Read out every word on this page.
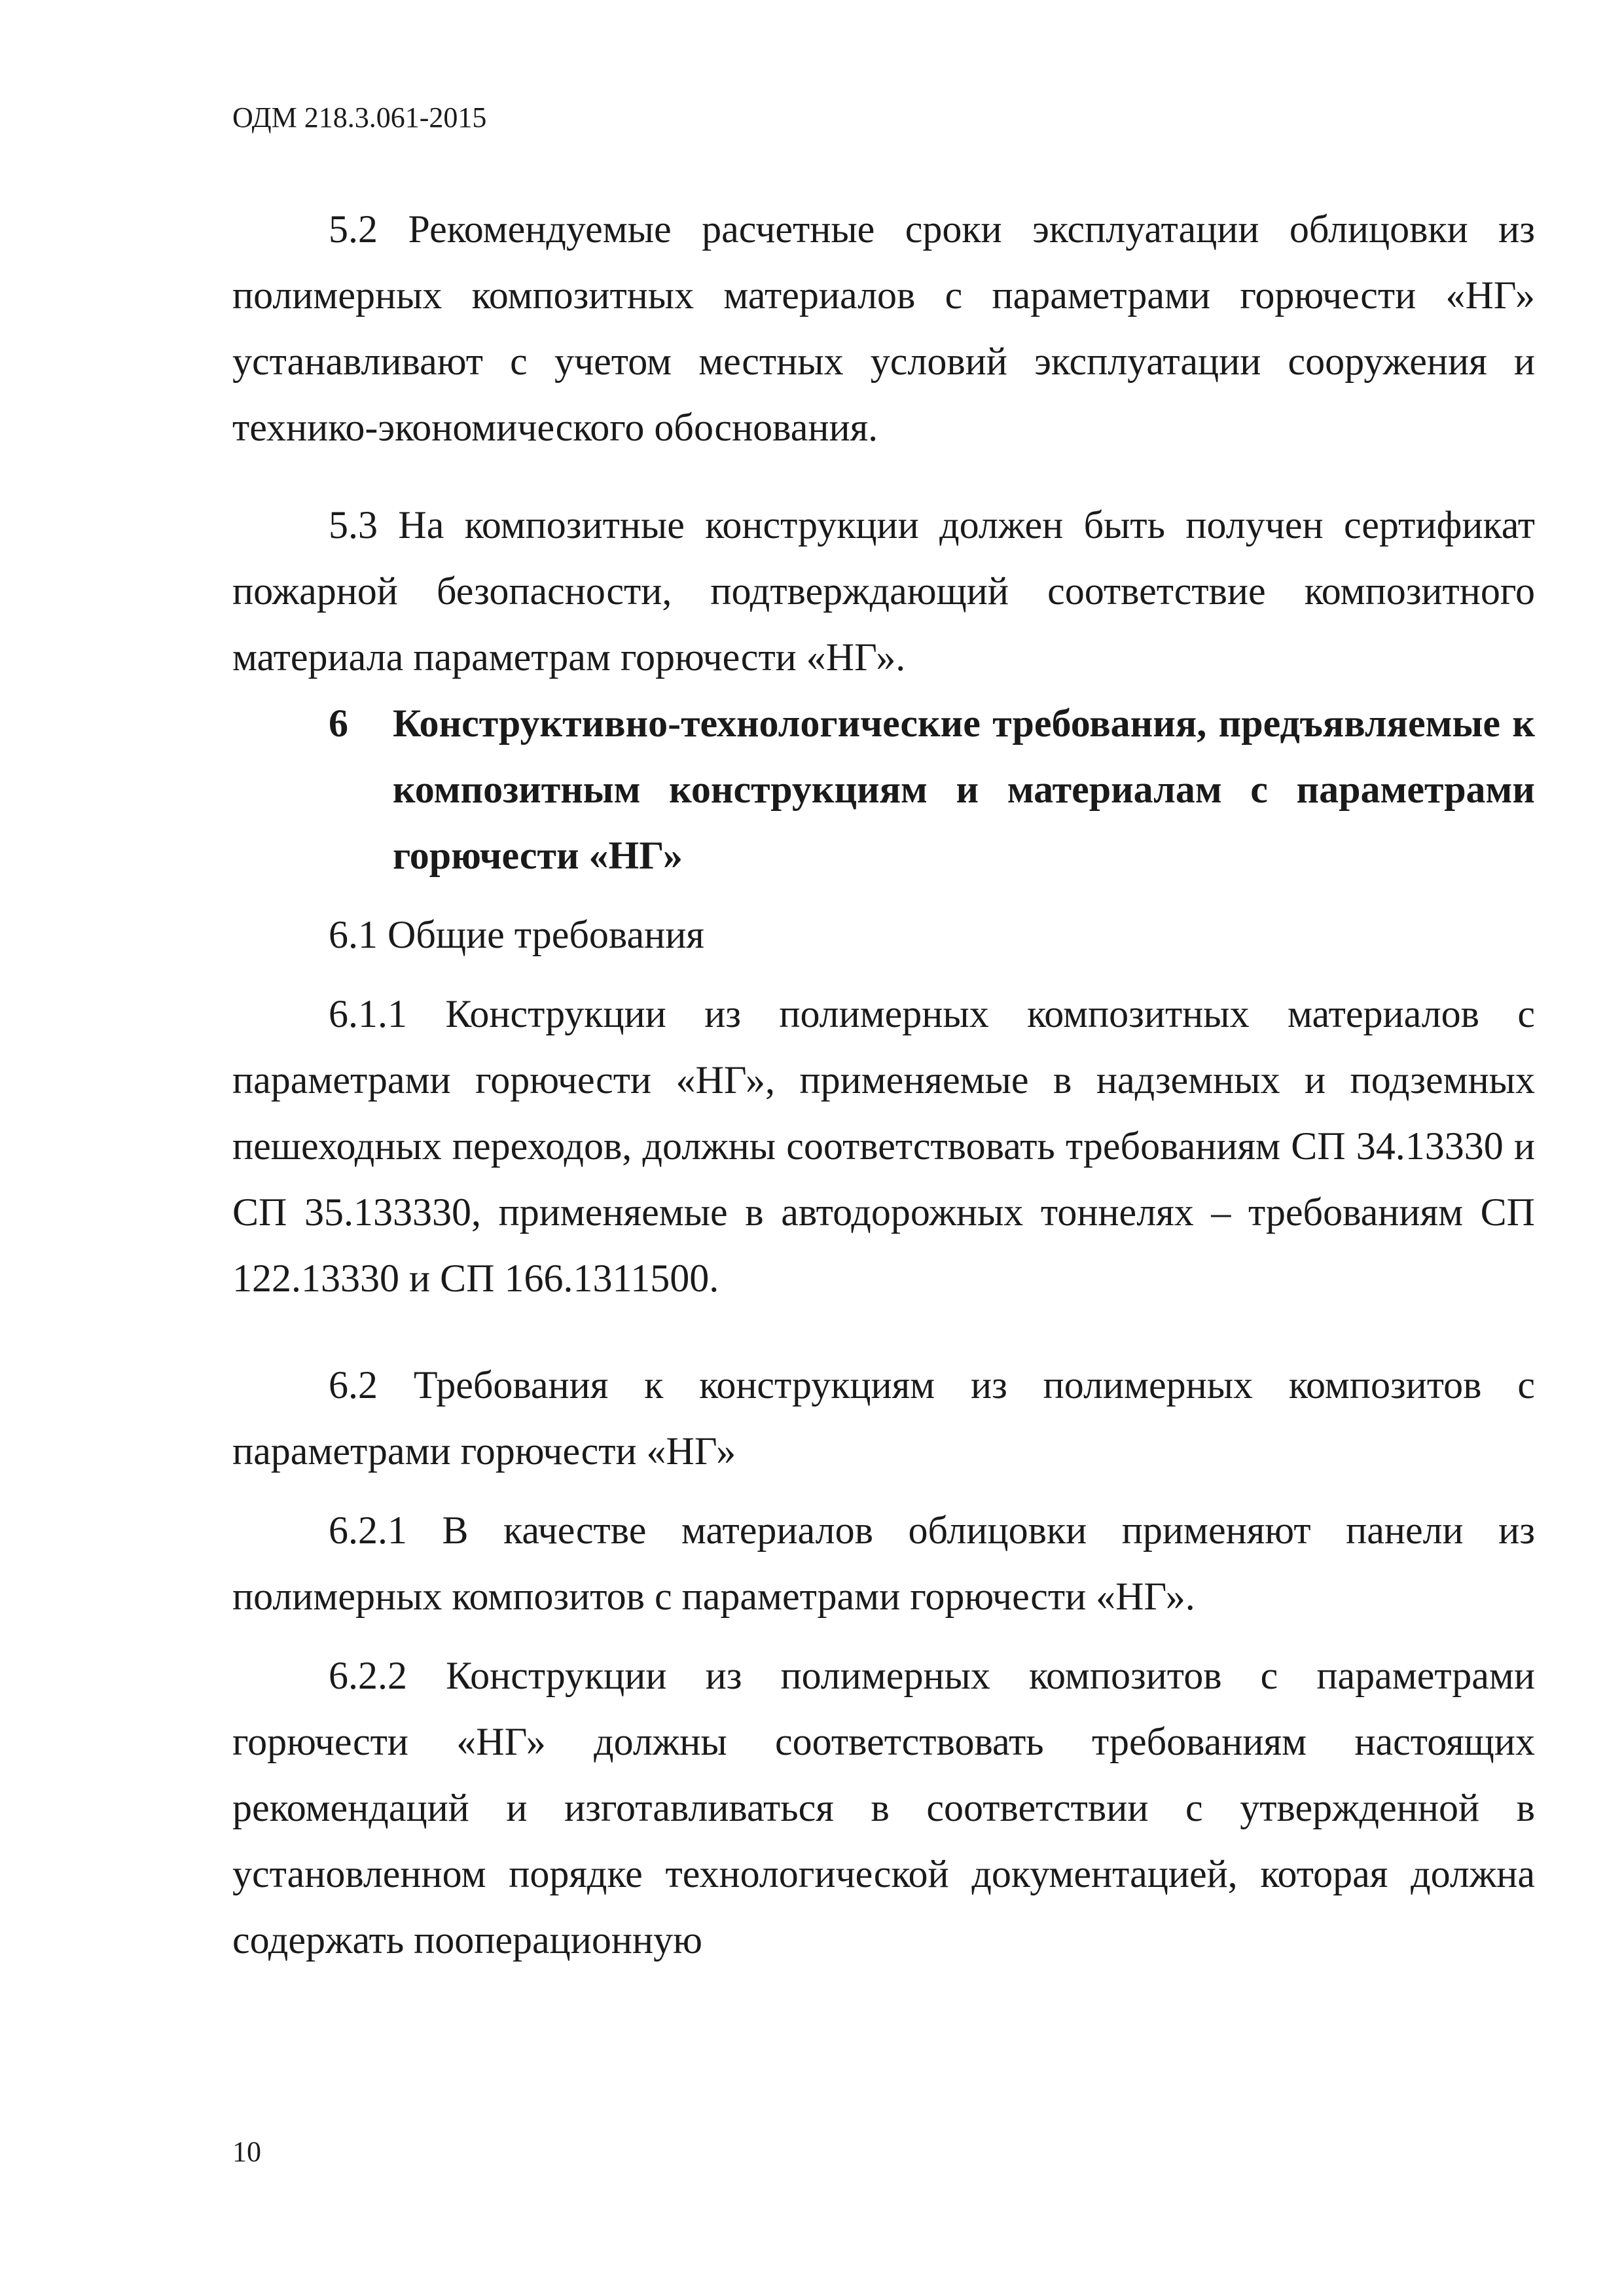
ОДМ 218.3.061-2015

5.2 Рекомендуемые расчетные сроки эксплуатации облицовки из полимерных композитных материалов с параметрами горючести «НГ» устанавливают с учетом местных условий эксплуатации сооружения и технико-экономического обоснования.

5.3 На композитные конструкции должен быть получен сертификат пожарной безопасности, подтверждающий соответствие композитного материала параметрам горючести «НГ».

6	Конструктивно-технологические требования, предъявляемые к композитным конструкциям и материалам с параметрами горючести «НГ»

6.1 Общие требования

6.1.1 Конструкции из полимерных композитных материалов с параметрами горючести «НГ», применяемые в надземных и подземных пешеходных переходов, должны соответствовать требованиям СП 34.13330 и СП 35.133330, применяемые в автодорожных тоннелях – требованиям СП 122.13330 и СП 166.1311500.

6.2 Требования к конструкциям из полимерных композитов с параметрами горючести «НГ»

6.2.1 В качестве материалов облицовки применяют панели из полимерных композитов с параметрами горючести «НГ».

6.2.2 Конструкции из полимерных композитов с параметрами горючести «НГ» должны соответствовать требованиям настоящих рекомендаций и изготавливаться в соответствии с утвержденной в установленном порядке технологической документацией, которая должна содержать пооперационную

10
